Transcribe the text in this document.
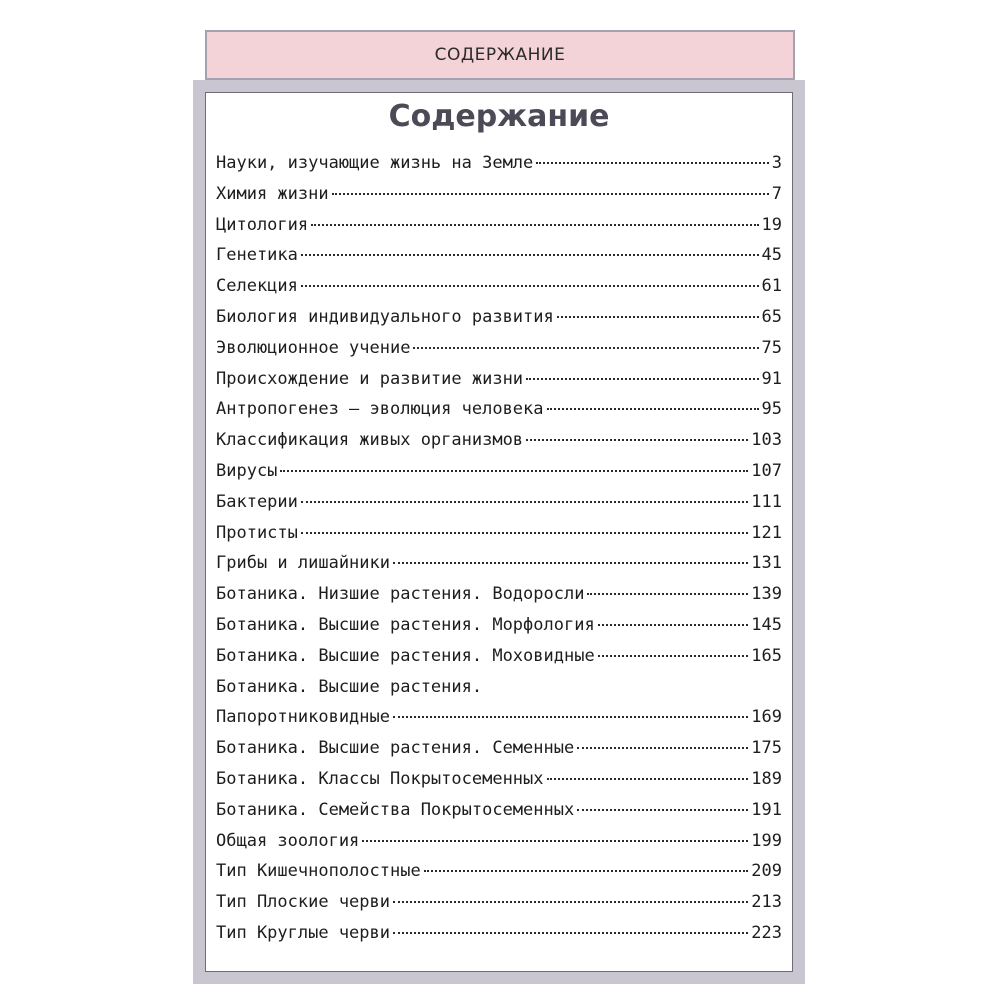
СОДЕРЖАНИЕ
Содержание
Науки, изучающие жизнь на Земле	3
Химия жизни	7
Цитология	19
Генетика	45
Селекция	61
Биология индивидуального развития	65
Эволюционное учение	75
Происхождение и развитие жизни	91
Антропогенез — эволюция человека	95
Классификация живых организмов	103
Вирусы	107
Бактерии	111
Протисты	121
Грибы и лишайники	131
Ботаника. Низшие растения. Водоросли	139
Ботаника. Высшие растения. Морфология	145
Ботаника. Высшие растения. Моховидные	165
Ботаника. Высшие растения.
Папоротниковидные	169
Ботаника. Высшие растения. Семенные	175
Ботаника. Классы Покрытосеменных	189
Ботаника. Семейства Покрытосеменных	191
Общая зоология	199
Тип Кишечнополостные	209
Тип Плоские черви	213
Тип Круглые черви	223
